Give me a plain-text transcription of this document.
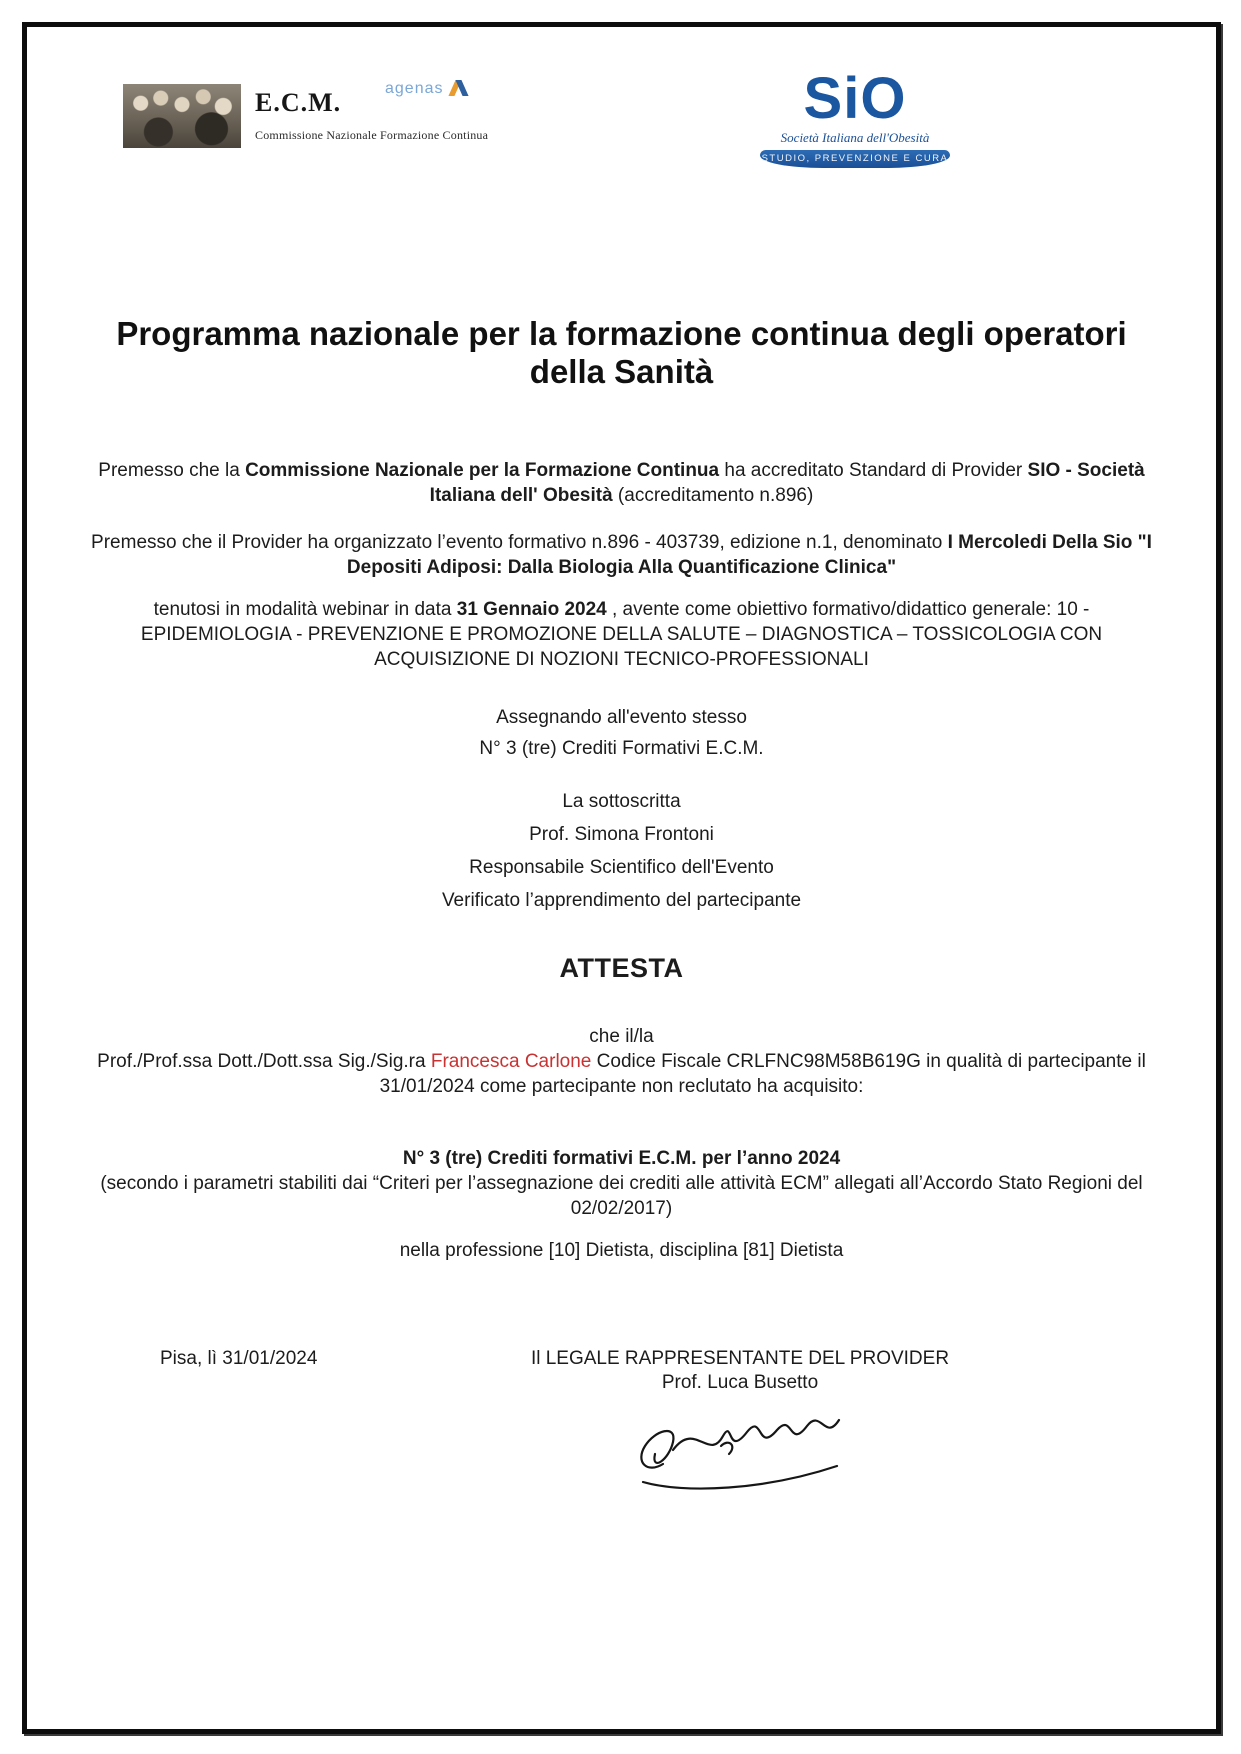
E.C.M.
Commissione Nazionale Formazione Continua
agenas	SiO
Società Italiana dell'Obesità
STUDIO, PREVENZIONE E CURA
Programma nazionale per la formazione continua degli operatori della Sanità
Premesso che la Commissione Nazionale per la Formazione Continua ha accreditato Standard di Provider SIO - Società Italiana dell' Obesità (accreditamento n.896)
Premesso che il Provider ha organizzato l’evento formativo n.896 - 403739, edizione n.1, denominato I Mercoledi Della Sio "I Depositi Adiposi: Dalla Biologia Alla Quantificazione Clinica"
tenutosi in modalità webinar in data 31 Gennaio 2024 , avente come obiettivo formativo/didattico generale: 10 - EPIDEMIOLOGIA - PREVENZIONE E PROMOZIONE DELLA SALUTE – DIAGNOSTICA – TOSSICOLOGIA CON ACQUISIZIONE DI NOZIONI TECNICO-PROFESSIONALI
Assegnando all'evento stesso
N° 3 (tre) Crediti Formativi E.C.M.
La sottoscritta
Prof. Simona Frontoni
Responsabile Scientifico dell'Evento
Verificato l’apprendimento del partecipante
ATTESTA
che il/la
Prof./Prof.ssa Dott./Dott.ssa Sig./Sig.ra Francesca Carlone Codice Fiscale CRLFNC98M58B619G in qualità di partecipante il 31/01/2024 come partecipante non reclutato ha acquisito:
N° 3 (tre) Crediti formativi E.C.M. per l’anno 2024
(secondo i parametri stabiliti dai “Criteri per l’assegnazione dei crediti alle attività ECM” allegati all’Accordo Stato Regioni del 02/02/2017)
nella professione [10] Dietista, disciplina [81] Dietista
Pisa, lì 31/01/2024	Il LEGALE RAPPRESENTANTE DEL PROVIDER
Prof. Luca Busetto
